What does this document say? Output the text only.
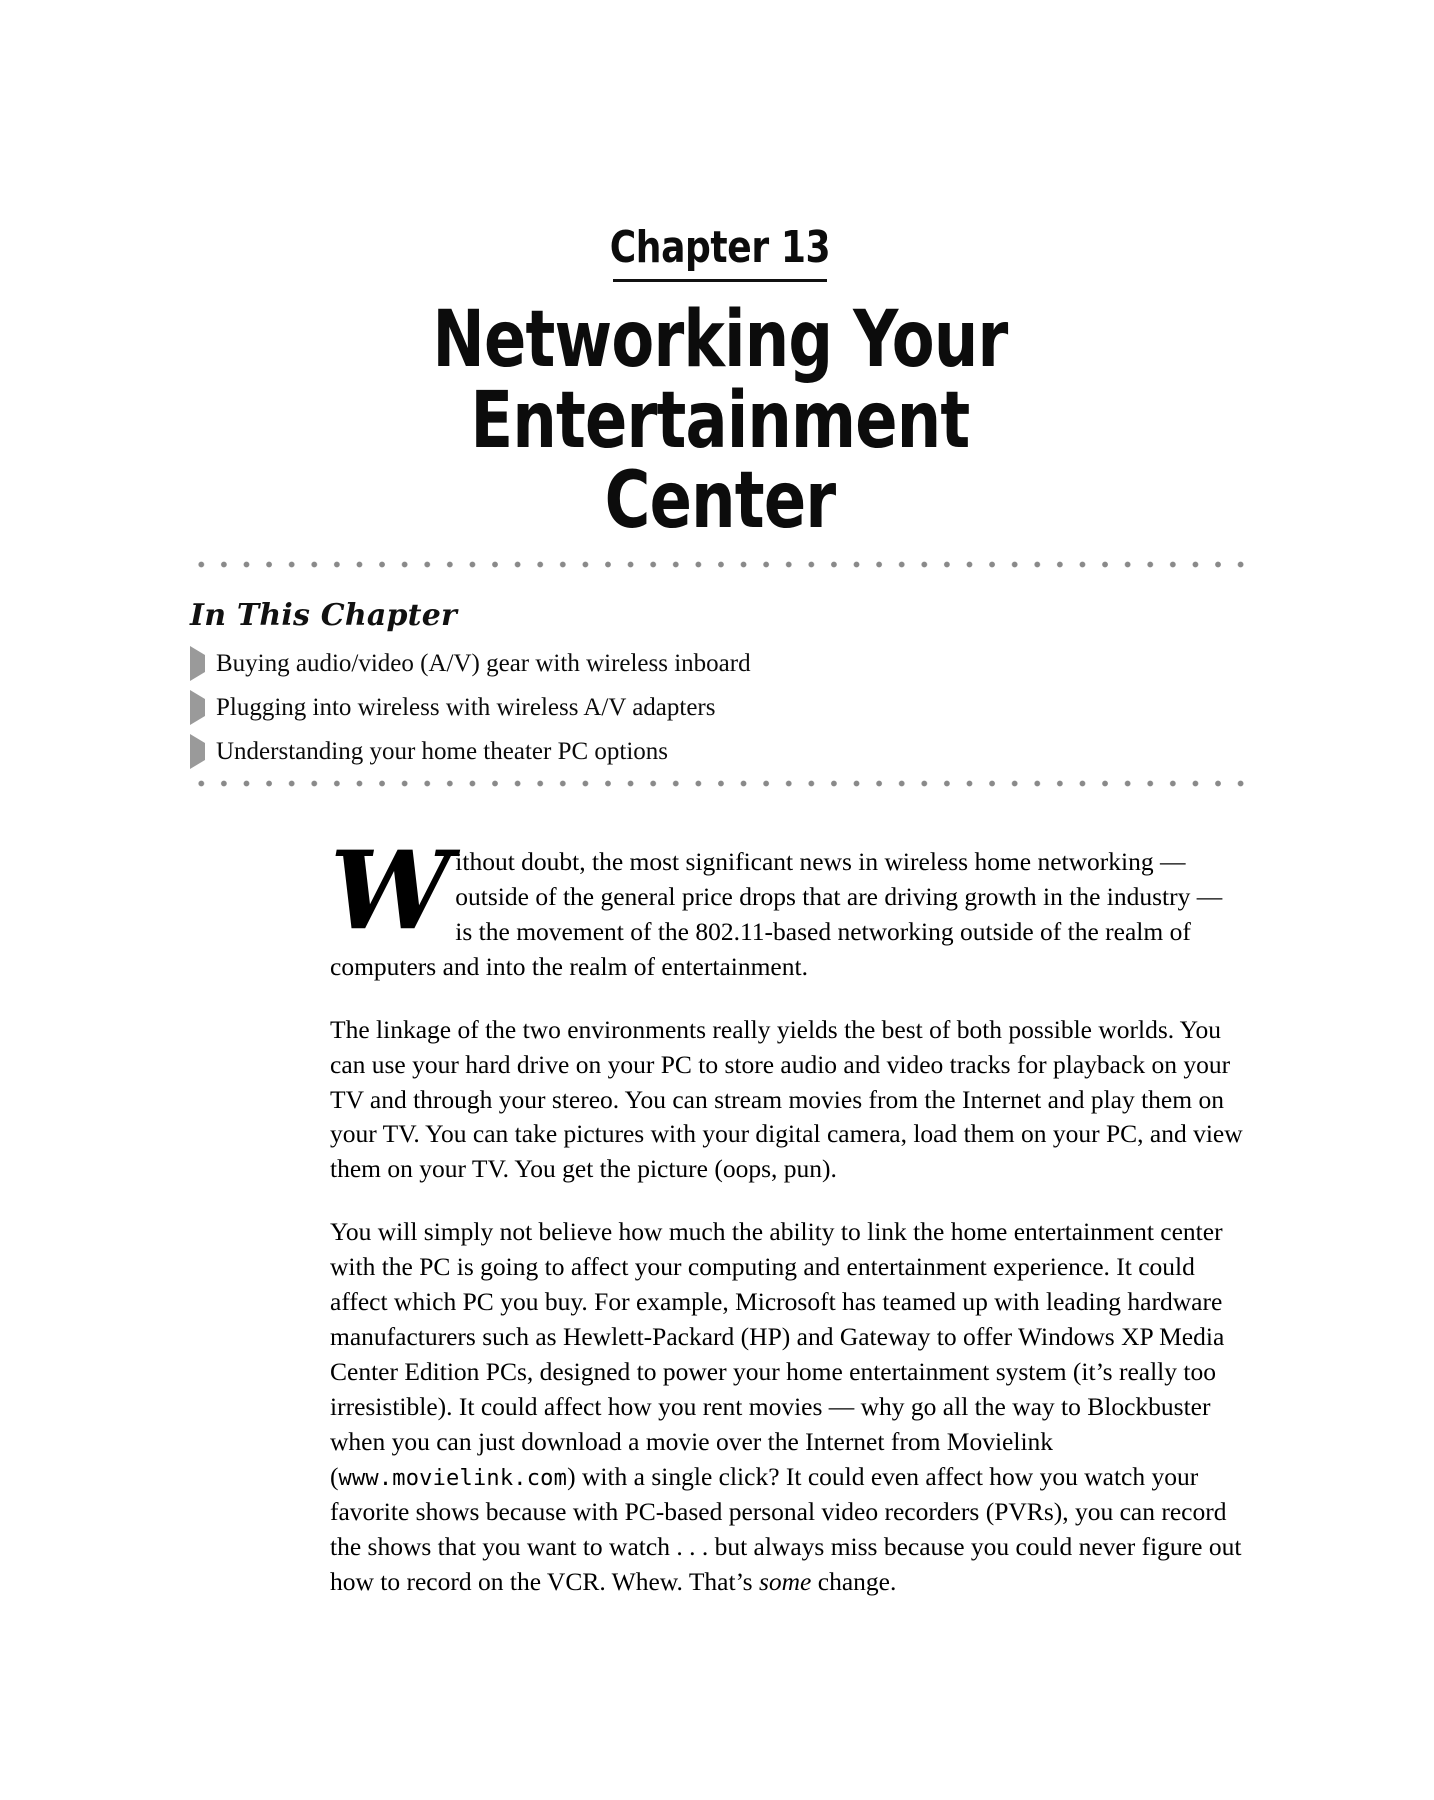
Chapter 13
Networking Your Entertainment
Center
In This Chapter
Buying audio/video (A/V) gear with wireless inboard
Plugging into wireless with wireless A/V adapters
Understanding your home theater PC options

Without doubt, the most significant news in wireless home networking — outside of the general price drops that are driving growth in the industry — is the movement of the 802.11-based networking outside of the realm of computers and into the realm of entertainment.

The linkage of the two environments really yields the best of both possible worlds. You can use your hard drive on your PC to store audio and video tracks for playback on your TV and through your stereo. You can stream movies from the Internet and play them on your TV. You can take pictures with your digital camera, load them on your PC, and view them on your TV. You get the picture (oops, pun).

You will simply not believe how much the ability to link the home entertainment center with the PC is going to affect your computing and entertainment experience. It could affect which PC you buy. For example, Microsoft has teamed up with leading hardware manufacturers such as Hewlett-Packard (HP) and Gateway to offer Windows XP Media Center Edition PCs, designed to power your home entertainment system (it’s really too irresistible). It could affect how you rent movies — why go all the way to Blockbuster when you can just download a movie over the Internet from Movielink (www.movielink.com) with a single click? It could even affect how you watch your favorite shows because with PC-based personal video recorders (PVRs), you can record the shows that you want to watch . . . but always miss because you could never figure out how to record on the VCR. Whew. That’s some change.
